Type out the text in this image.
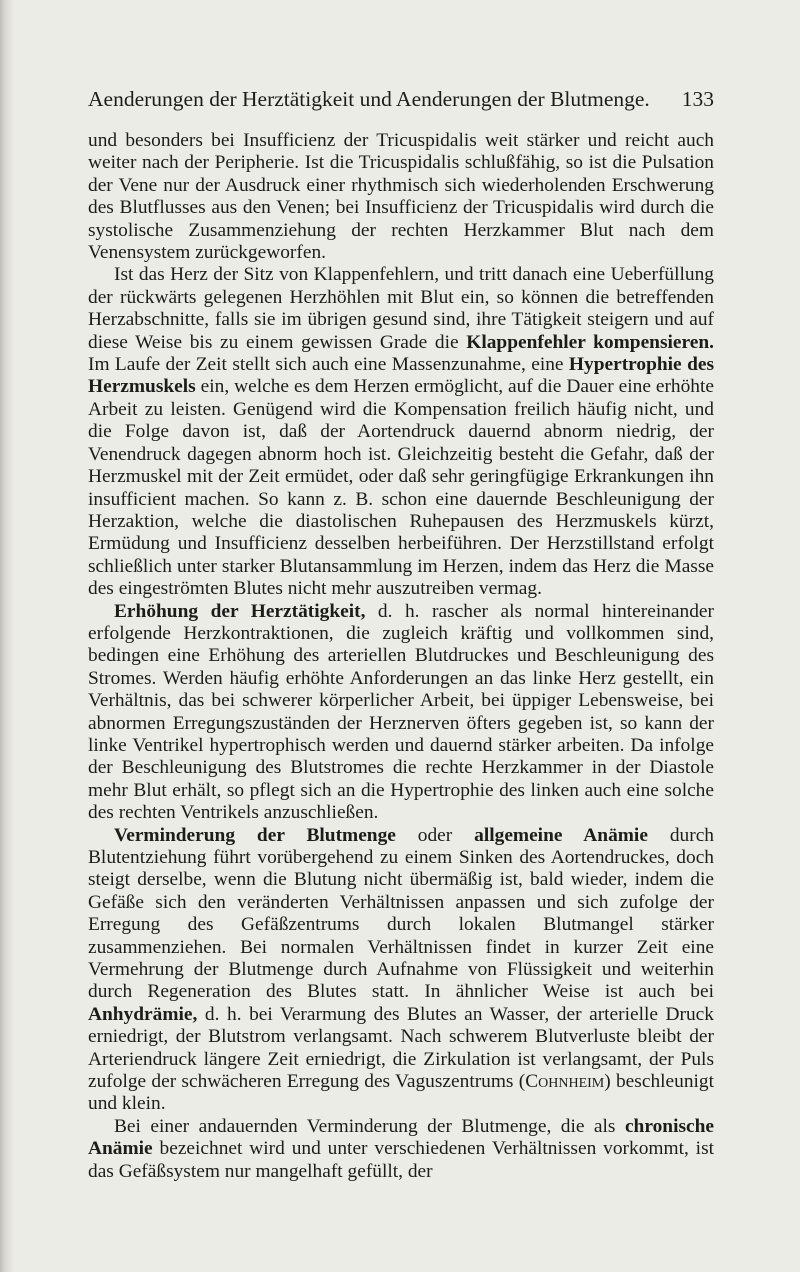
Aenderungen der Herztätigkeit und Aenderungen der Blutmenge. 133

und besonders bei Insufficienz der Tricuspidalis weit stärker und reicht auch weiter nach der Peripherie. Ist die Tricuspidalis schlußfähig, so ist die Pulsation der Vene nur der Ausdruck einer rhythmisch sich wiederholenden Erschwerung des Blutflusses aus den Venen; bei Insufficienz der Tricuspidalis wird durch die systolische Zusammenziehung der rechten Herzkammer Blut nach dem Venensystem zurückgeworfen.

Ist das Herz der Sitz von Klappenfehlern, und tritt danach eine Ueberfüllung der rückwärts gelegenen Herzhöhlen mit Blut ein, so können die betreffenden Herzabschnitte, falls sie im übrigen gesund sind, ihre Tätigkeit steigern und auf diese Weise bis zu einem gewissen Grade die Klappenfehler kompensieren. Im Laufe der Zeit stellt sich auch eine Massenzunahme, eine Hypertrophie des Herzmuskels ein, welche es dem Herzen ermöglicht, auf die Dauer eine erhöhte Arbeit zu leisten. Genügend wird die Kompensation freilich häufig nicht, und die Folge davon ist, daß der Aortendruck dauernd abnorm niedrig, der Venendruck dagegen abnorm hoch ist. Gleichzeitig besteht die Gefahr, daß der Herzmuskel mit der Zeit ermüdet, oder daß sehr geringfügige Erkrankungen ihn insufficient machen. So kann z. B. schon eine dauernde Beschleunigung der Herzaktion, welche die diastolischen Ruhepausen des Herzmuskels kürzt, Ermüdung und Insufficienz desselben herbeiführen. Der Herzstillstand erfolgt schließlich unter starker Blutansammlung im Herzen, indem das Herz die Masse des eingeströmten Blutes nicht mehr auszutreiben vermag.

Erhöhung der Herztätigkeit, d. h. rascher als normal hintereinander erfolgende Herzkontraktionen, die zugleich kräftig und vollkommen sind, bedingen eine Erhöhung des arteriellen Blutdruckes und Beschleunigung des Stromes. Werden häufig erhöhte Anforderungen an das linke Herz gestellt, ein Verhältnis, das bei schwerer körperlicher Arbeit, bei üppiger Lebensweise, bei abnormen Erregungszuständen der Herznerven öfters gegeben ist, so kann der linke Ventrikel hypertrophisch werden und dauernd stärker arbeiten. Da infolge der Beschleunigung des Blutstromes die rechte Herzkammer in der Diastole mehr Blut erhält, so pflegt sich an die Hypertrophie des linken auch eine solche des rechten Ventrikels anzuschließen.

Verminderung der Blutmenge oder allgemeine Anämie durch Blutentziehung führt vorübergehend zu einem Sinken des Aortendruckes, doch steigt derselbe, wenn die Blutung nicht übermäßig ist, bald wieder, indem die Gefäße sich den veränderten Verhältnissen anpassen und sich zufolge der Erregung des Gefäßzentrums durch lokalen Blutmangel stärker zusammenziehen. Bei normalen Verhältnissen findet in kurzer Zeit eine Vermehrung der Blutmenge durch Aufnahme von Flüssigkeit und weiterhin durch Regeneration des Blutes statt. In ähnlicher Weise ist auch bei Anhydrämie, d. h. bei Verarmung des Blutes an Wasser, der arterielle Druck erniedrigt, der Blutstrom verlangsamt. Nach schwerem Blutverluste bleibt der Arteriendruck längere Zeit erniedrigt, die Zirkulation ist verlangsamt, der Puls zufolge der schwächeren Erregung des Vaguszentrums (Cohnheim) beschleunigt und klein.

Bei einer andauernden Verminderung der Blutmenge, die als chronische Anämie bezeichnet wird und unter verschiedenen Verhältnissen vorkommt, ist das Gefäßsystem nur mangelhaft gefüllt, der
